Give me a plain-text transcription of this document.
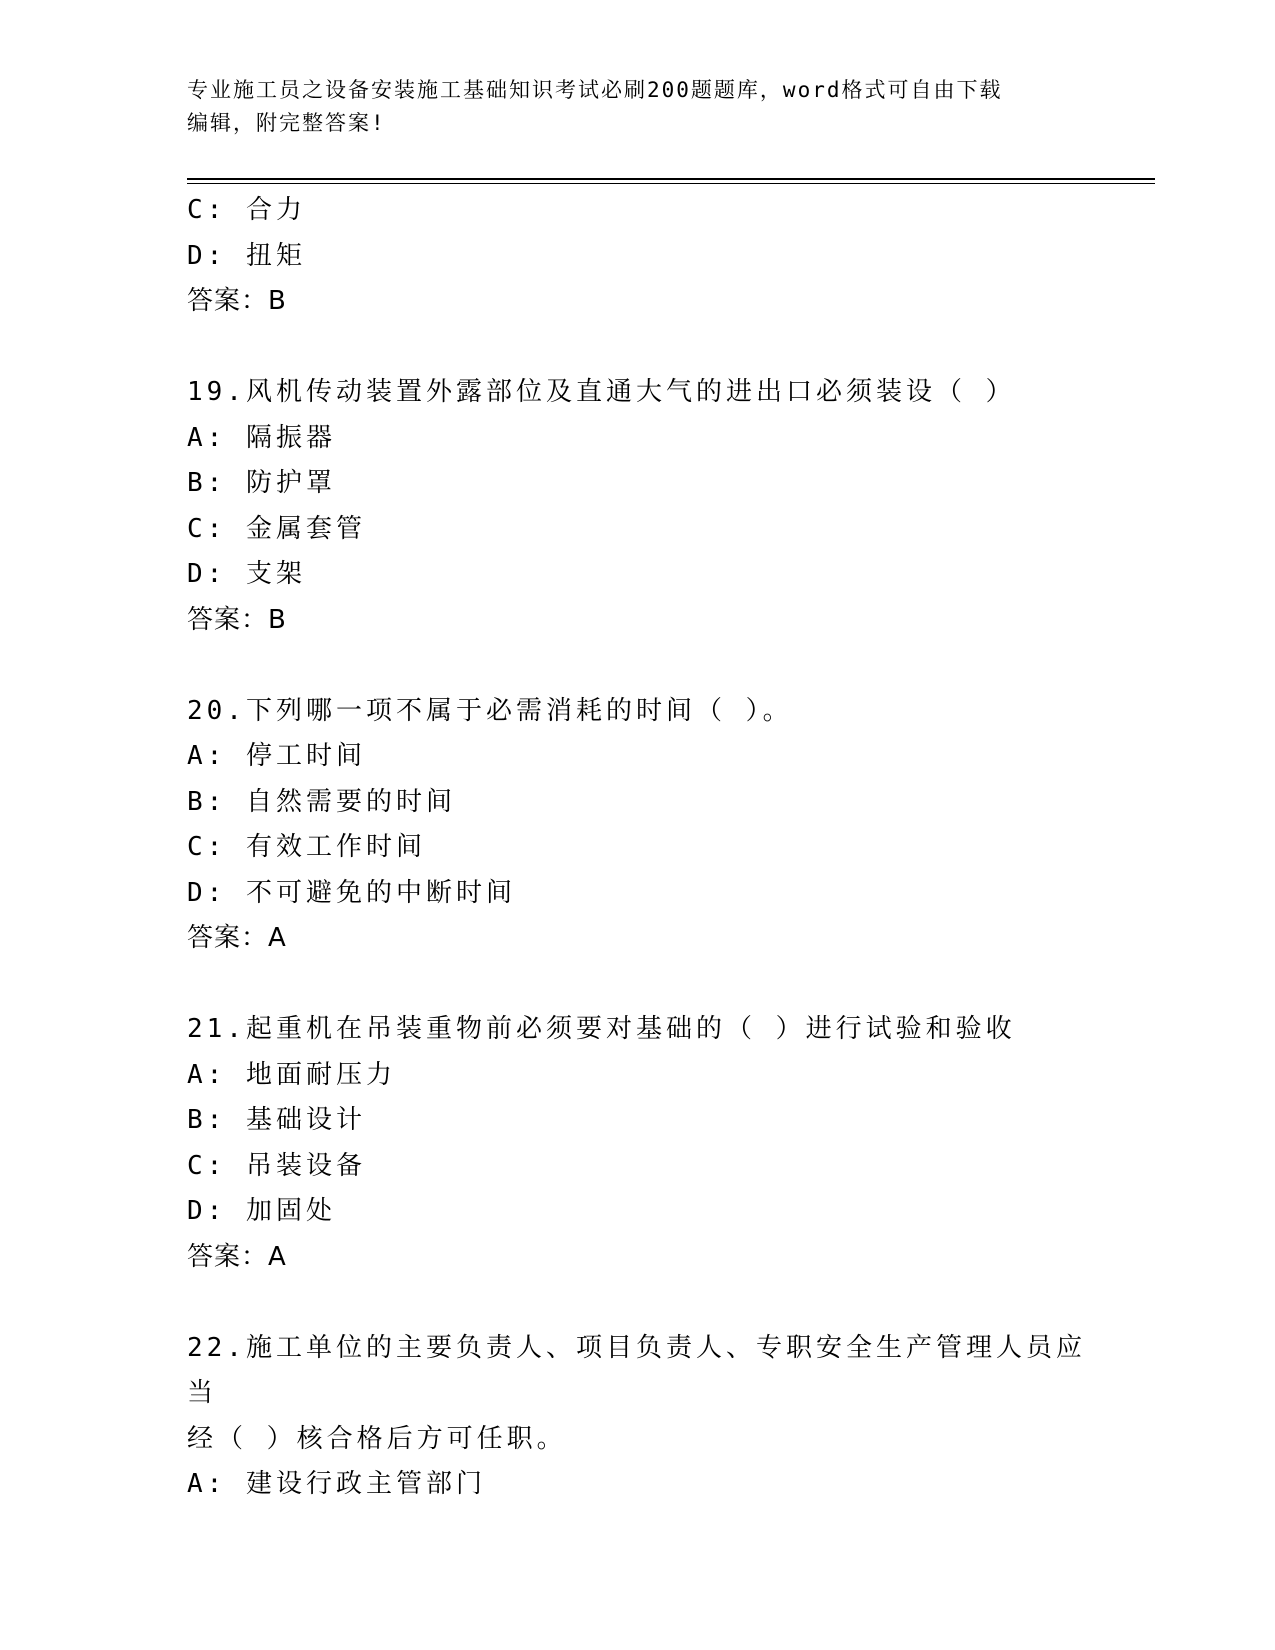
专业施工员之设备安装施工基础知识考试必刷200题题库，word格式可自由下载
编辑，附完整答案!
C: 合力
D: 扭矩
答案：B
19.风机传动装置外露部位及直通大气的进出口必须装设（ ）
A: 隔振器
B: 防护罩
C: 金属套管
D: 支架
答案：B
20.下列哪一项不属于必需消耗的时间（ ）。
A: 停工时间
B: 自然需要的时间
C: 有效工作时间
D: 不可避免的中断时间
答案：A
21.起重机在吊装重物前必须要对基础的（ ）进行试验和验收
A: 地面耐压力
B: 基础设计
C: 吊装设备
D: 加固处
答案：A
22.施工单位的主要负责人、项目负责人、专职安全生产管理人员应当
经（ ）核合格后方可任职。
A: 建设行政主管部门
